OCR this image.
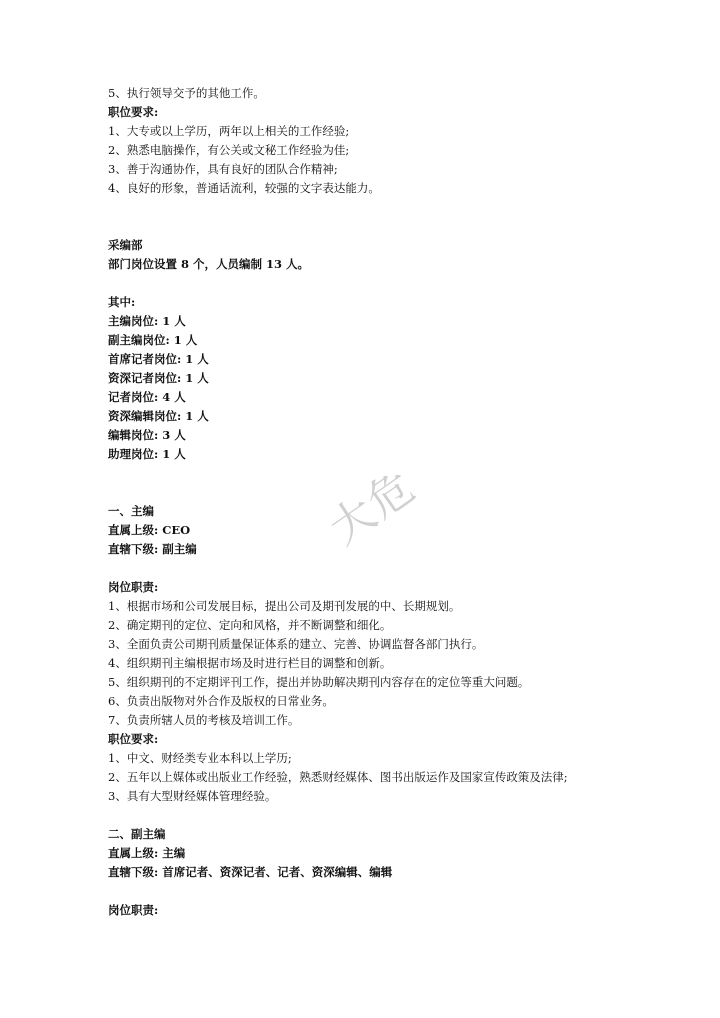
5、执行领导交予的其他工作。
职位要求:
1、大专或以上学历，两年以上相关的工作经验;
2、熟悉电脑操作，有公关或文秘工作经验为佳;
3、善于沟通协作，具有良好的团队合作精神;
4、良好的形象，普通话流利，较强的文字表达能力。
采编部
部门岗位设置 8 个，人员编制 13 人。
其中:
主编岗位: 1 人
副主编岗位: 1 人
首席记者岗位: 1 人
资深记者岗位: 1 人
记者岗位: 4 人
资深编辑岗位: 1 人
编辑岗位: 3 人
助理岗位: 1 人
一、主编
直属上级: CEO
直辖下级: 副主编
岗位职责:
1、根据市场和公司发展目标，提出公司及期刊发展的中、长期规划。
2、确定期刊的定位、定向和风格，并不断调整和细化。
3、全面负责公司期刊质量保证体系的建立、完善、协调监督各部门执行。
4、组织期刊主编根据市场及时进行栏目的调整和创新。
5、组织期刊的不定期评刊工作，提出并协助解决期刊内容存在的定位等重大问题。
6、负责出版物对外合作及版权的日常业务。
7、负责所辖人员的考核及培训工作。
职位要求:
1、中文、财经类专业本科以上学历;
2、五年以上媒体或出版业工作经验，熟悉财经媒体、图书出版运作及国家宣传政策及法律;
3、具有大型财经媒体管理经验。
二、副主编
直属上级: 主编
直辖下级: 首席记者、资深记者、记者、资深编辑、编辑
岗位职责:
大危
